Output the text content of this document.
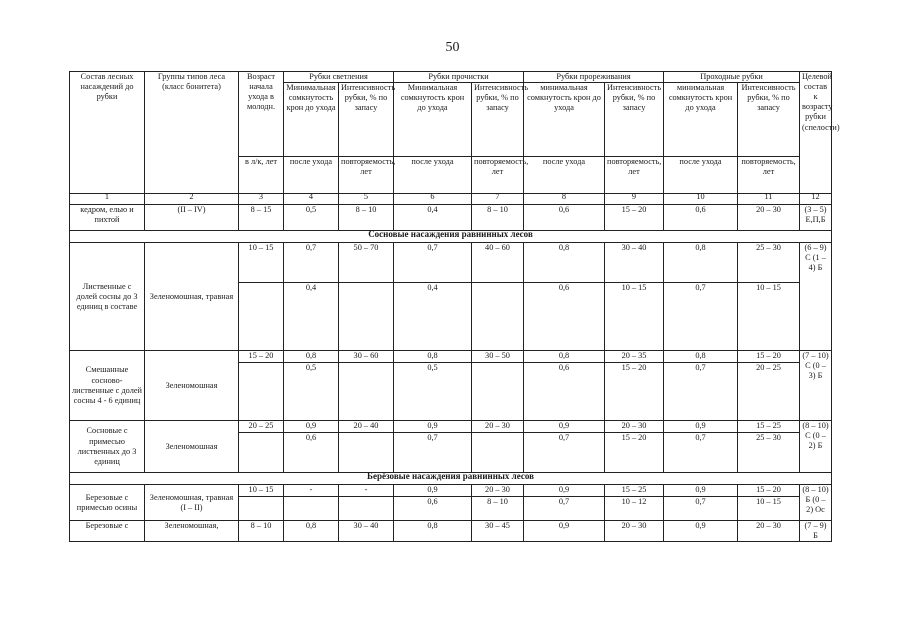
50
Состав лесных насаждений до рубки	Группы типов леса (класс бонитета)	Возраст начала ухода в молодн.	Рубки светления		Рубки прочистки		Рубки прореживания		Проходные рубки		Целевой состав к возрасту рубки (спелости)
			Минимальная сомкнутость крон до ухода	Интенсивность рубки, % по запасу	Минимальная сомкнутость крон до ухода	Интенсивность рубки, % по запасу	минимальная сомкнутость крон до ухода	Интенсивность рубки, % по запасу	минимальная сомкнутость крон до ухода	Интенсивность рубки, % по запасу	
		в л/к, лет	после ухода	повторяемость, лет	после ухода	повторяемость, лет	после ухода	повторяемость, лет	после ухода	повторяемость, лет	
1	2	3	4	5	6	7	8	9	10	11	12
кедром, елью и пихтой	(II – IV)	8 – 15	0,5	8 – 10	0,4	8 – 10	0,6	15 – 20	0,6	20 – 30	(3 – 5) Е,П,Б
Сосновые насаждения равнинных лесов											
Лиственные с долей сосны до 3 единиц в составе	Зеленомошная, травная	10 – 15	0,7	50 – 70	0,7	40 – 60	0,8	30 – 40	0,8	25 – 30	(6 – 9) С (1 – 4) Б
			0,4		0,4		0,6	10 – 15	0,7	10 – 15	
Смешанные сосново-лиственные с долей сосны 4 - 6 единиц	Зеленомошная	15 – 20	0,8	30 – 60	0,8	30 – 50	0,8	20 – 35	0,8	15 – 20	(7 – 10) С (0 – 3) Б
			0,5		0,5		0,6	15 – 20	0,7	20 – 25	
Сосновые с примесью лиственных до 3 единиц	Зеленомошная	20 – 25	0,9	20 – 40	0,9	20 – 30	0,9	20 – 30	0,9	15 – 25	(8 – 10) С (0 – 2) Б
			0,6		0,7		0,7	15 – 20	0,7	25 – 30	
Берёзовые насаждения равнинных лесов											
Березовые с примесью осины	Зеленомошная, травная (I – II)	10 – 15	-	-	0,9	20 – 30	0,9	15 – 25	0,9	15 – 20	(8 – 10) Б (0 – 2) Ос
					0,6	8 – 10	0,7	10 – 12	0,7	10 – 15	
Березовые с	Зеленомошная,	8 – 10	0,8	30 – 40	0,8	30 – 45	0,9	20 – 30	0,9	20 – 30	(7 – 9) Б
